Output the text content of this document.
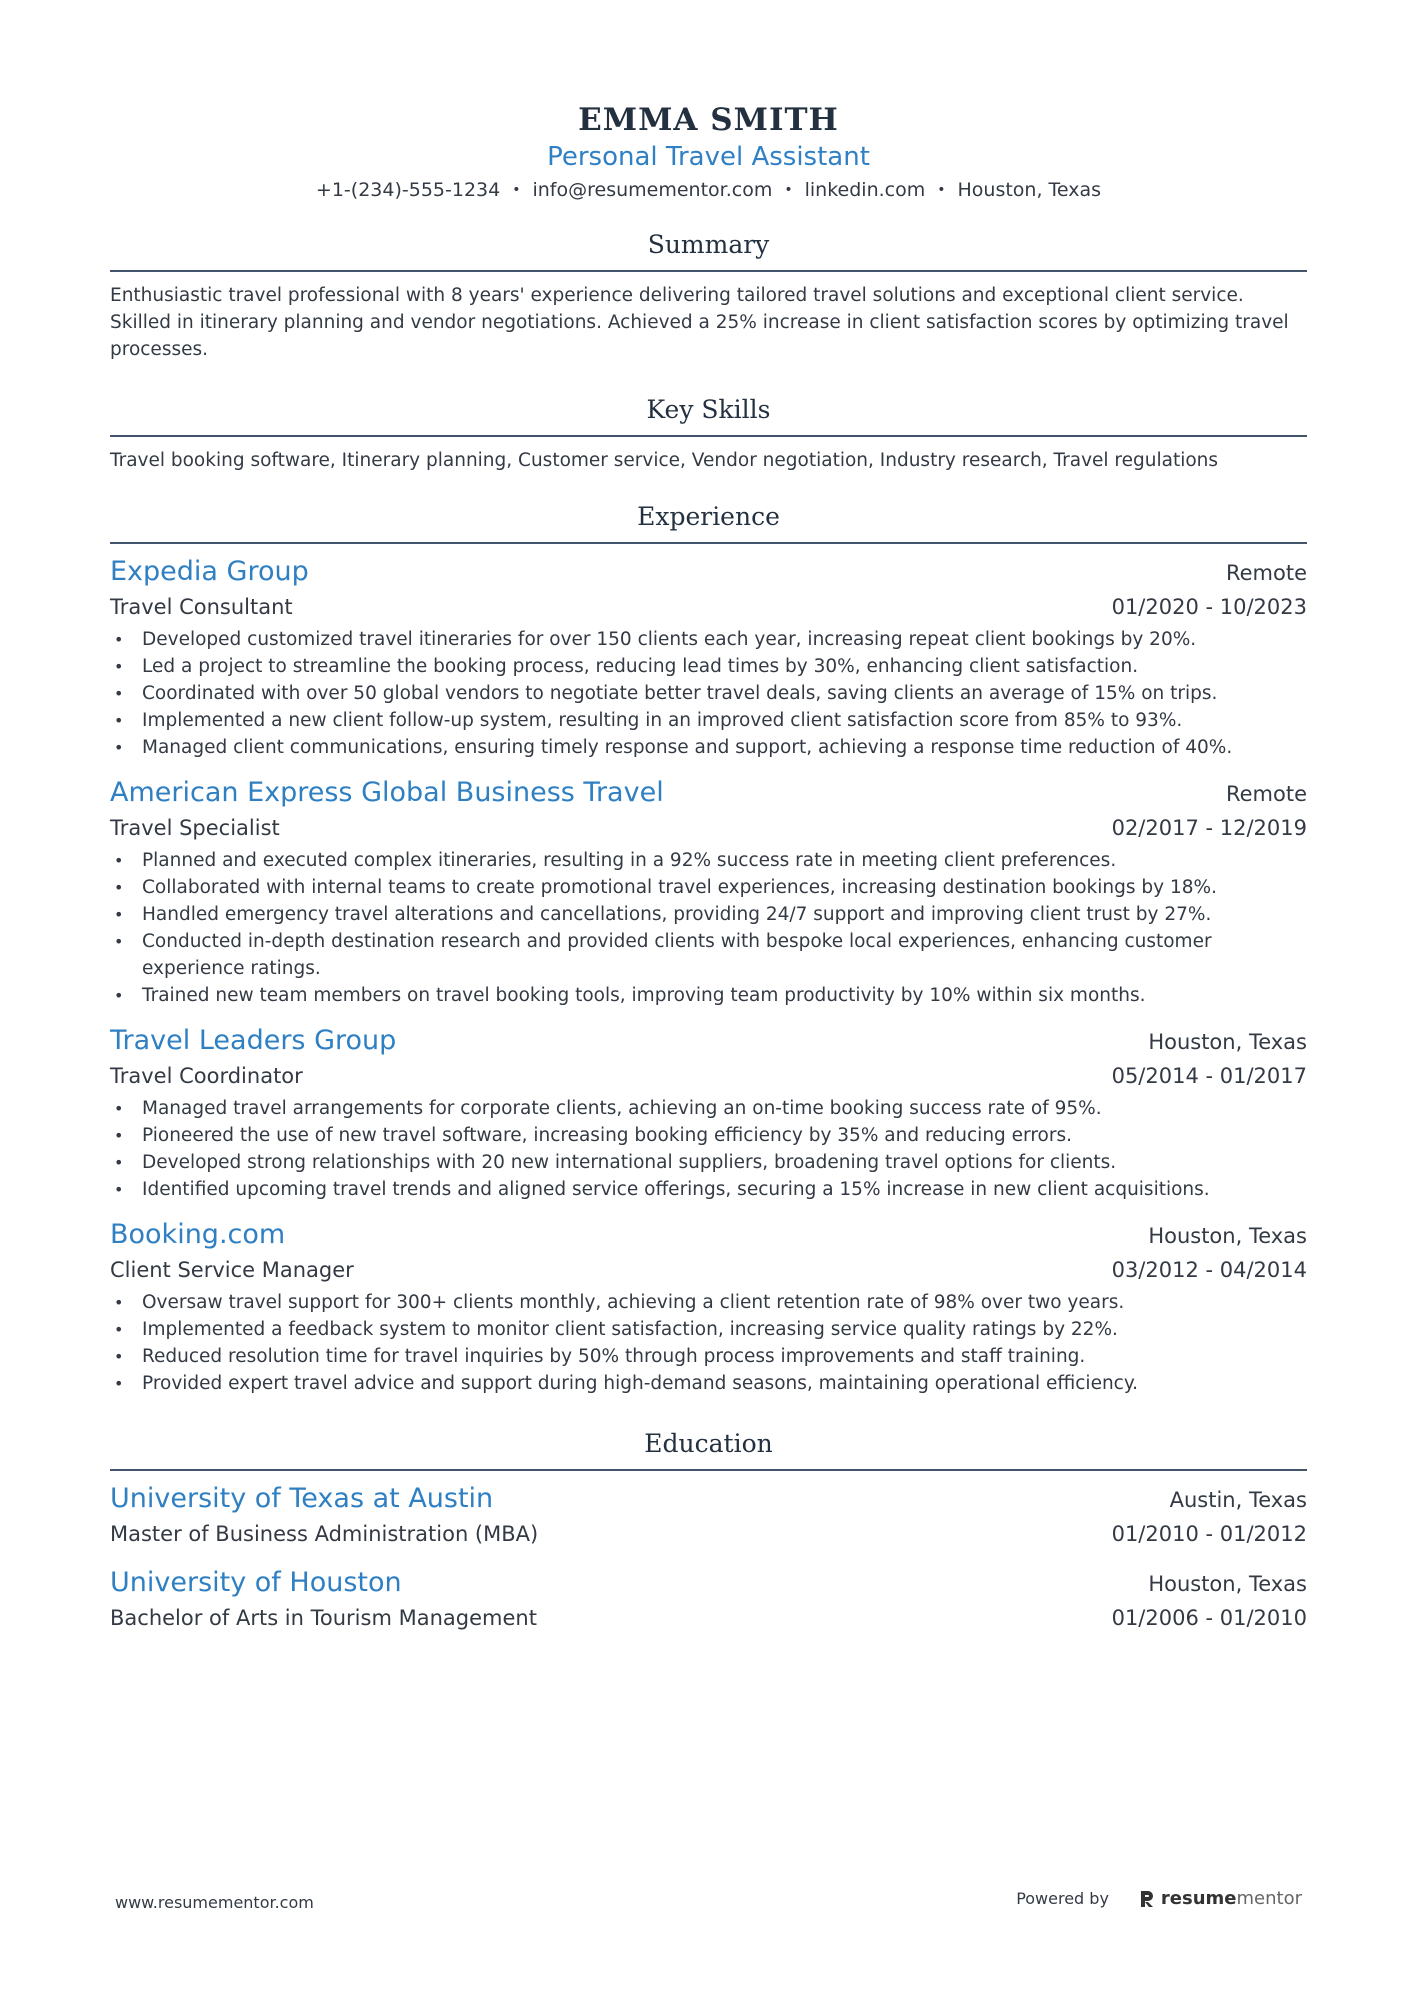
EMMA SMITH
Personal Travel Assistant
+1-(234)-555-1234 • info@resumementor.com • linkedin.com • Houston, Texas
Summary
Enthusiastic travel professional with 8 years' experience delivering tailored travel solutions and exceptional client service. Skilled in itinerary planning and vendor negotiations. Achieved a 25% increase in client satisfaction scores by optimizing travel processes.
Key Skills
Travel booking software, Itinerary planning, Customer service, Vendor negotiation, Industry research, Travel regulations
Experience
Expedia Group	Remote
Travel Consultant	01/2020 - 10/2023
• Developed customized travel itineraries for over 150 clients each year, increasing repeat client bookings by 20%.
• Led a project to streamline the booking process, reducing lead times by 30%, enhancing client satisfaction.
• Coordinated with over 50 global vendors to negotiate better travel deals, saving clients an average of 15% on trips.
• Implemented a new client follow-up system, resulting in an improved client satisfaction score from 85% to 93%.
• Managed client communications, ensuring timely response and support, achieving a response time reduction of 40%.
American Express Global Business Travel	Remote
Travel Specialist	02/2017 - 12/2019
• Planned and executed complex itineraries, resulting in a 92% success rate in meeting client preferences.
• Collaborated with internal teams to create promotional travel experiences, increasing destination bookings by 18%.
• Handled emergency travel alterations and cancellations, providing 24/7 support and improving client trust by 27%.
• Conducted in-depth destination research and provided clients with bespoke local experiences, enhancing customer experience ratings.
• Trained new team members on travel booking tools, improving team productivity by 10% within six months.
Travel Leaders Group	Houston, Texas
Travel Coordinator	05/2014 - 01/2017
• Managed travel arrangements for corporate clients, achieving an on-time booking success rate of 95%.
• Pioneered the use of new travel software, increasing booking efficiency by 35% and reducing errors.
• Developed strong relationships with 20 new international suppliers, broadening travel options for clients.
• Identified upcoming travel trends and aligned service offerings, securing a 15% increase in new client acquisitions.
Booking.com	Houston, Texas
Client Service Manager	03/2012 - 04/2014
• Oversaw travel support for 300+ clients monthly, achieving a client retention rate of 98% over two years.
• Implemented a feedback system to monitor client satisfaction, increasing service quality ratings by 22%.
• Reduced resolution time for travel inquiries by 50% through process improvements and staff training.
• Provided expert travel advice and support during high-demand seasons, maintaining operational efficiency.
Education
University of Texas at Austin	Austin, Texas
Master of Business Administration (MBA)	01/2010 - 01/2012
University of Houston	Houston, Texas
Bachelor of Arts in Tourism Management	01/2006 - 01/2010
www.resumementor.com	Powered by	resume mentor
